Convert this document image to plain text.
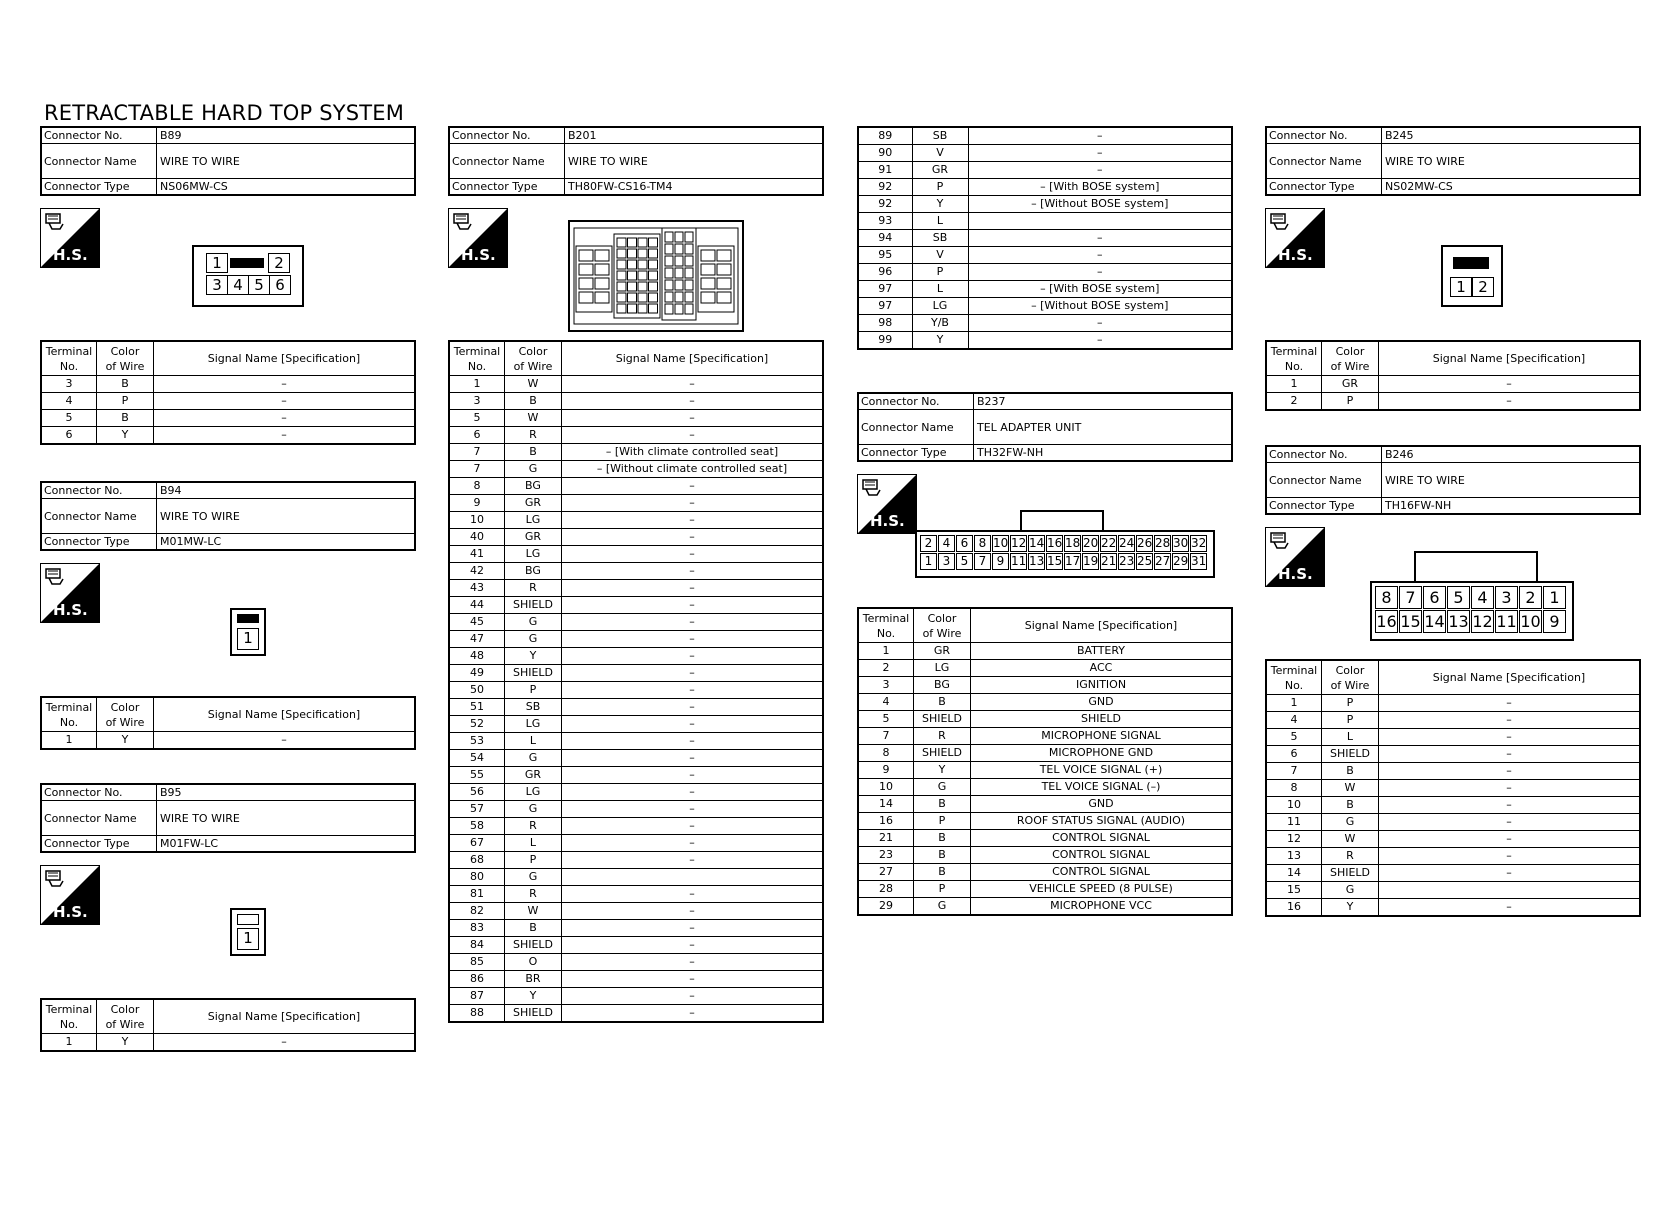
RETRACTABLE HARD TOP SYSTEM
Connector No.	B89
Connector Name	WIRE TO WIRE
Connector Type	NS06MW-CS
H.S.	1	2
3 4 5 6
Terminal
No.	Color
of Wire	Signal Name [Specification]
3	B	–
4	P	–
5	B	–
6	Y	–
Connector No.	B94
Connector Name	WIRE TO WIRE
Connector Type	M01MW-LC
H.S.
1
Terminal
No.	Color
of Wire	Signal Name [Specification]
1	Y	–
Connector No.	B95
Connector Name	WIRE TO WIRE
Connector Type	M01FW-LC
H.S.
1
Terminal
No.	Color
of Wire	Signal Name [Specification]
1	Y	–
Connector No.	B201
Connector Name	WIRE TO WIRE
Connector Type	TH80FW-CS16-TM4
H.S.
Terminal
No.	Color
of Wire	Signal Name [Specification]
1	W	–
3	B	–
5	W	–
6	R	–
7	B	– [With climate controlled seat]
7	G	– [Without climate controlled seat]
8	BG	–
9	GR	–
10	LG	–
40	GR	–
41	LG	–
42	BG	–
43	R	–
44	SHIELD	–
45	G	–
47	G	–
48	Y	–
49	SHIELD	–
50	P	–
51	SB	–
52	LG	–
53	L	–
54	G	–
55	GR	–
56	LG	–
57	G	–
58	R	–
67	L	–
68	P	–
80	G	
81	R	–
82	W	–
83	B	–
84	SHIELD	–
85	O	–
86	BR	–
87	Y	–
88	SHIELD	–
89	SB	–
90	V	–
91	GR	–
92	P	– [With BOSE system]
92	Y	– [Without BOSE system]
93	L	
94	SB	–
95	V	–
96	P	–
97	L	– [With BOSE system]
97	LG	– [Without BOSE system]
98	Y/B	–
99	Y	–
Connector No.	B237
Connector Name	TEL ADAPTER UNIT
Connector Type	TH32FW-NH
H.S.
2 4 6 8 10 12 14 16 18 20 22 24 26 28 30 32
1 3 5 7 9 11 13 15 17 19 21 23 25 27 29 31
Terminal
No.	Color
of Wire	Signal Name [Specification]
1	GR	BATTERY
2	LG	ACC
3	BG	IGNITION
4	B	GND
5	SHIELD	SHIELD
7	R	MICROPHONE SIGNAL
8	SHIELD	MICROPHONE GND
9	Y	TEL VOICE SIGNAL (+)
10	G	TEL VOICE SIGNAL (–)
14	B	GND
16	P	ROOF STATUS SIGNAL (AUDIO)
21	B	CONTROL SIGNAL
23	B	CONTROL SIGNAL
27	B	CONTROL SIGNAL
28	P	VEHICLE SPEED (8 PULSE)
29	G	MICROPHONE VCC
Connector No.	B245
Connector Name	WIRE TO WIRE
Connector Type	NS02MW-CS
H.S.
1 2
Terminal
No.	Color
of Wire	Signal Name [Specification]
1	GR	–
2	P	–
Connector No.	B246
Connector Name	WIRE TO WIRE
Connector Type	TH16FW-NH
H.S.
8 7 6 5 4 3 2 1
16 15 14 13 12 11 10 9
Terminal
No.	Color
of Wire	Signal Name [Specification]
1	P	–
4	P	–
5	L	–
6	SHIELD	–
7	B	–
8	W	–
10	B	–
11	G	–
12	W	–
13	R	–
14	SHIELD	–
15	G	
16	Y	–
